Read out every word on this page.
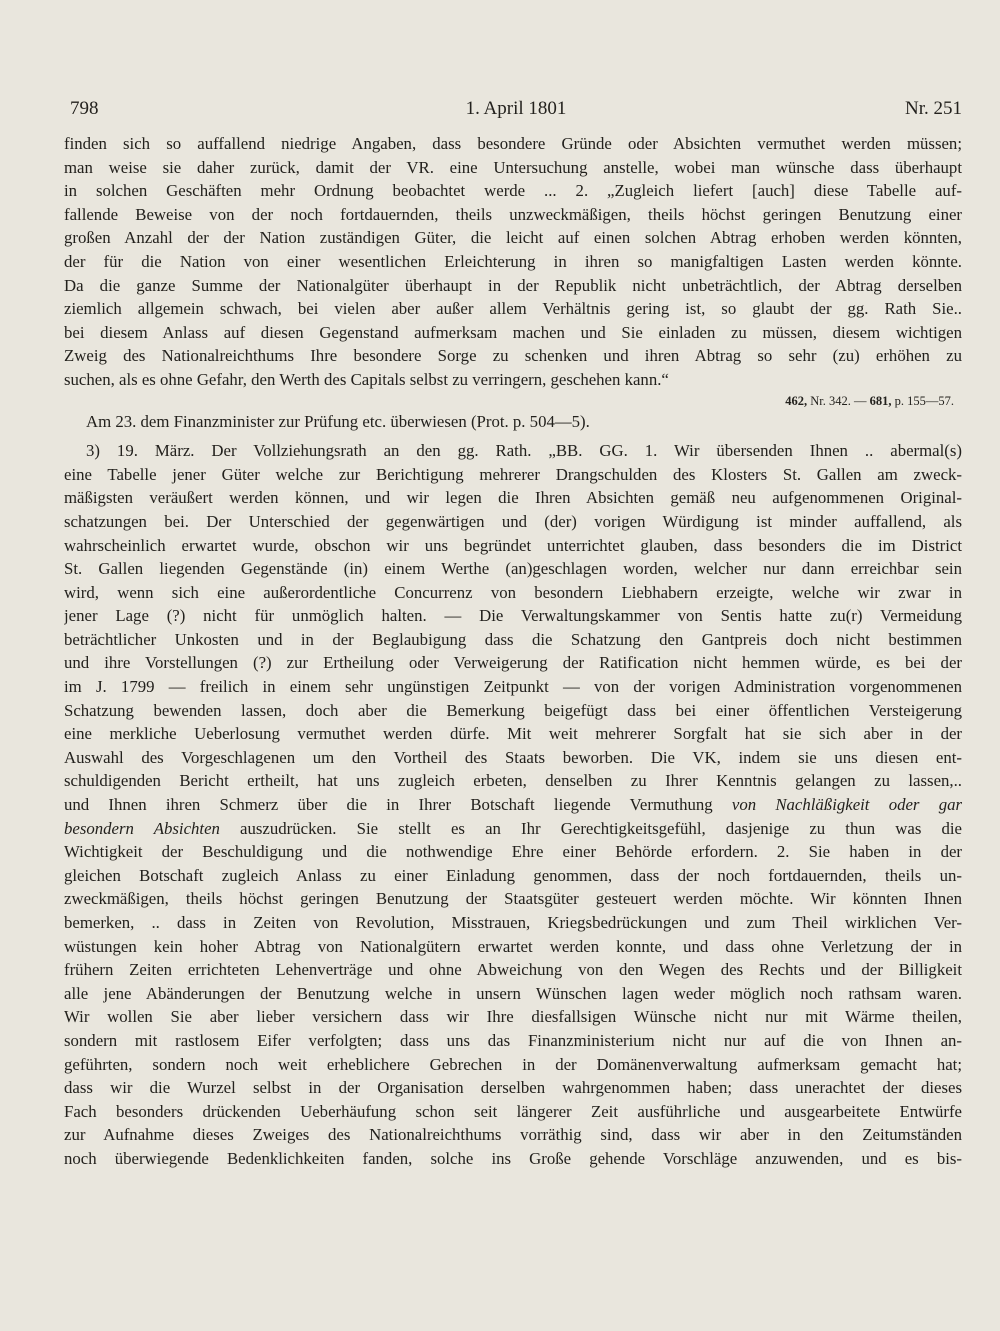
798	1. April 1801	Nr. 251
finden sich so auffallend niedrige Angaben, dass besondere Gründe oder Absichten vermuthet werden müssen;
man weise sie daher zurück, damit der VR. eine Untersuchung anstelle, wobei man wünsche dass überhaupt
in solchen Geschäften mehr Ordnung beobachtet werde ... 2. „Zugleich liefert [auch] diese Tabelle auf-
fallende Beweise von der noch fortdauernden, theils unzweckmäßigen, theils höchst geringen Benutzung einer
großen Anzahl der der Nation zuständigen Güter, die leicht auf einen solchen Abtrag erhoben werden könnten,
der für die Nation von einer wesentlichen Erleichterung in ihren so manigfaltigen Lasten werden könnte.
Da die ganze Summe der Nationalgüter überhaupt in der Republik nicht unbeträchtlich, der Abtrag derselben
ziemlich allgemein schwach, bei vielen aber außer allem Verhältnis gering ist, so glaubt der gg. Rath Sie..
bei diesem Anlass auf diesen Gegenstand aufmerksam machen und Sie einladen zu müssen, diesem wichtigen
Zweig des Nationalreichthums Ihre besondere Sorge zu schenken und ihren Abtrag so sehr (zu) erhöhen zu
suchen, als es ohne Gefahr, den Werth des Capitals selbst zu verringern, geschehen kann.“
462, Nr. 342. — 681, p. 155—57.
Am 23. dem Finanzminister zur Prüfung etc. überwiesen (Prot. p. 504—5).
3) 19. März. Der Vollziehungsrath an den gg. Rath. „BB. GG. 1. Wir übersenden Ihnen .. abermal(s)
eine Tabelle jener Güter welche zur Berichtigung mehrerer Drangschulden des Klosters St. Gallen am zweck-
mäßigsten veräußert werden können, und wir legen die Ihren Absichten gemäß neu aufgenommenen Original-
schatzungen bei. Der Unterschied der gegenwärtigen und (der) vorigen Würdigung ist minder auffallend, als
wahrscheinlich erwartet wurde, obschon wir uns begründet unterrichtet glauben, dass besonders die im District
St. Gallen liegenden Gegenstände (in) einem Werthe (an)geschlagen worden, welcher nur dann erreichbar sein
wird, wenn sich eine außerordentliche Concurrenz von besondern Liebhabern erzeigte, welche wir zwar in
jener Lage (?) nicht für unmöglich halten. — Die Verwaltungskammer von Sentis hatte zu(r) Vermeidung
beträchtlicher Unkosten und in der Beglaubigung dass die Schatzung den Gantpreis doch nicht bestimmen
und ihre Vorstellungen (?) zur Ertheilung oder Verweigerung der Ratification nicht hemmen würde, es bei der
im J. 1799 — freilich in einem sehr ungünstigen Zeitpunkt — von der vorigen Administration vorgenommenen
Schatzung bewenden lassen, doch aber die Bemerkung beigefügt dass bei einer öffentlichen Versteigerung
eine merkliche Ueberlosung vermuthet werden dürfe. Mit weit mehrerer Sorgfalt hat sie sich aber in der
Auswahl des Vorgeschlagenen um den Vortheil des Staats beworben. Die VK, indem sie uns diesen ent-
schuldigenden Bericht ertheilt, hat uns zugleich erbeten, denselben zu Ihrer Kenntnis gelangen zu lassen,..
und Ihnen ihren Schmerz über die in Ihrer Botschaft liegende Vermuthung von Nachläßigkeit oder gar
besondern Absichten auszudrücken. Sie stellt es an Ihr Gerechtigkeitsgefühl, dasjenige zu thun was die
Wichtigkeit der Beschuldigung und die nothwendige Ehre einer Behörde erfordern. 2. Sie haben in der
gleichen Botschaft zugleich Anlass zu einer Einladung genommen, dass der noch fortdauernden, theils un-
zweckmäßigen, theils höchst geringen Benutzung der Staatsgüter gesteuert werden möchte. Wir könnten Ihnen
bemerken, .. dass in Zeiten von Revolution, Misstrauen, Kriegsbedrückungen und zum Theil wirklichen Ver-
wüstungen kein hoher Abtrag von Nationalgütern erwartet werden konnte, und dass ohne Verletzung der in
frühern Zeiten errichteten Lehenverträge und ohne Abweichung von den Wegen des Rechts und der Billigkeit
alle jene Abänderungen der Benutzung welche in unsern Wünschen lagen weder möglich noch rathsam waren.
Wir wollen Sie aber lieber versichern dass wir Ihre diesfallsigen Wünsche nicht nur mit Wärme theilen,
sondern mit rastlosem Eifer verfolgten; dass uns das Finanzministerium nicht nur auf die von Ihnen an-
geführten, sondern noch weit erheblichere Gebrechen in der Domänenverwaltung aufmerksam gemacht hat;
dass wir die Wurzel selbst in der Organisation derselben wahrgenommen haben; dass unerachtet der dieses
Fach besonders drückenden Ueberhäufung schon seit längerer Zeit ausführliche und ausgearbeitete Entwürfe
zur Aufnahme dieses Zweiges des Nationalreichthums vorräthig sind, dass wir aber in den Zeitumständen
noch überwiegende Bedenklichkeiten fanden, solche ins Große gehende Vorschläge anzuwenden, und es bis-
